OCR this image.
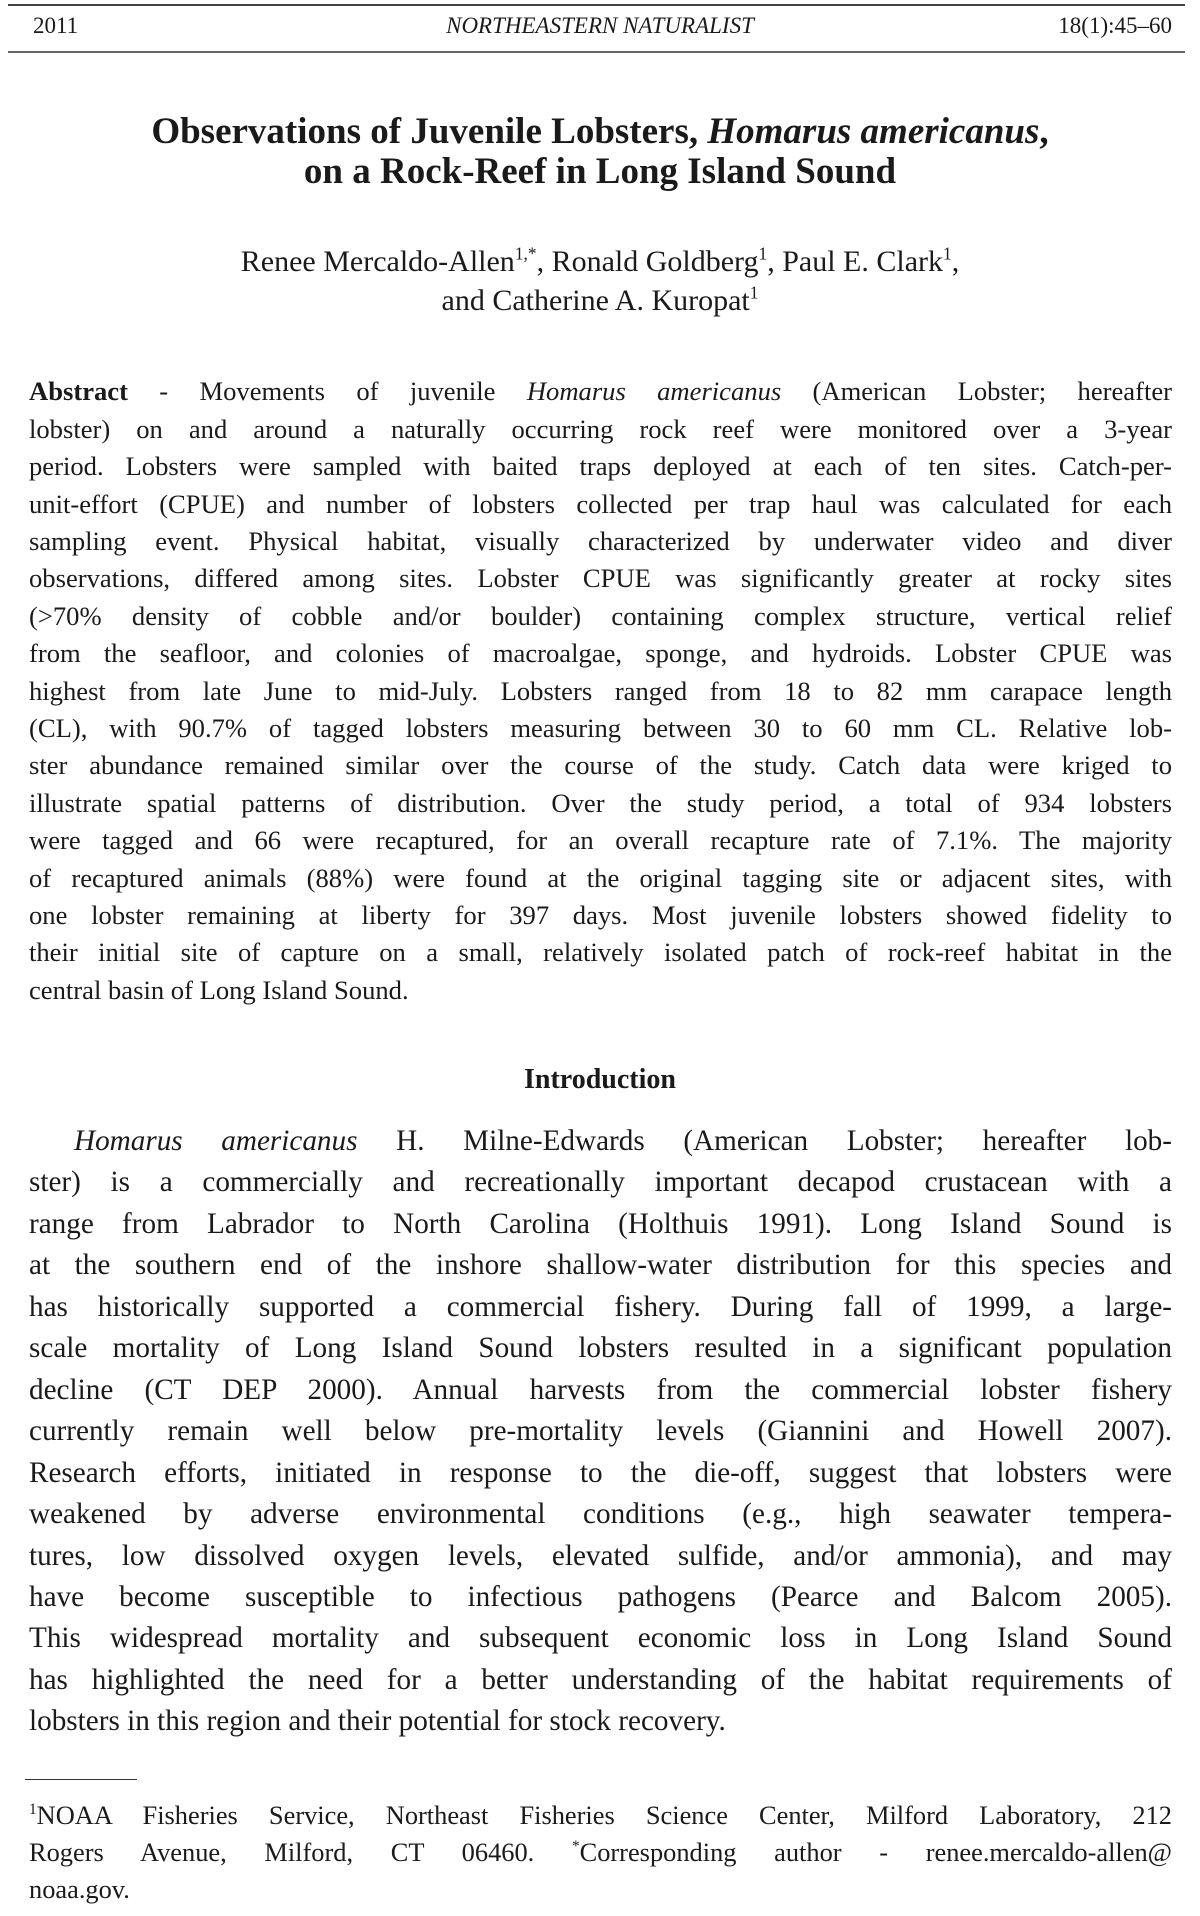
2011	NORTHEASTERN NATURALIST	18(1):45–60
Observations of Juvenile Lobsters, Homarus americanus,
on a Rock-Reef in Long Island Sound
Renee Mercaldo-Allen$^{1,*}$, Ronald Goldberg$^1$, Paul E. Clark$^1$,
and Catherine A. Kuropat$^1$
Abstract - Movements of juvenile Homarus americanus (American Lobster; hereafter
lobster) on and around a naturally occurring rock reef were monitored over a 3-year
period. Lobsters were sampled with baited traps deployed at each of ten sites. Catch-per-
unit-effort (CPUE) and number of lobsters collected per trap haul was calculated for each
sampling event. Physical habitat, visually characterized by underwater video and diver
observations, differed among sites. Lobster CPUE was significantly greater at rocky sites
(>70% density of cobble and/or boulder) containing complex structure, vertical relief
from the seafloor, and colonies of macroalgae, sponge, and hydroids. Lobster CPUE was
highest from late June to mid-July. Lobsters ranged from 18 to 82 mm carapace length
(CL), with 90.7% of tagged lobsters measuring between 30 to 60 mm CL. Relative lob-
ster abundance remained similar over the course of the study. Catch data were kriged to
illustrate spatial patterns of distribution. Over the study period, a total of 934 lobsters
were tagged and 66 were recaptured, for an overall recapture rate of 7.1%. The majority
of recaptured animals (88%) were found at the original tagging site or adjacent sites, with
one lobster remaining at liberty for 397 days. Most juvenile lobsters showed fidelity to
their initial site of capture on a small, relatively isolated patch of rock-reef habitat in the
central basin of Long Island Sound.
Introduction
Homarus americanus H. Milne-Edwards (American Lobster; hereafter lob-
ster) is a commercially and recreationally important decapod crustacean with a
range from Labrador to North Carolina (Holthuis 1991). Long Island Sound is
at the southern end of the inshore shallow-water distribution for this species and
has historically supported a commercial fishery. During fall of 1999, a large-
scale mortality of Long Island Sound lobsters resulted in a significant population
decline (CT DEP 2000). Annual harvests from the commercial lobster fishery
currently remain well below pre-mortality levels (Giannini and Howell 2007).
Research efforts, initiated in response to the die-off, suggest that lobsters were
weakened by adverse environmental conditions (e.g., high seawater tempera-
tures, low dissolved oxygen levels, elevated sulfide, and/or ammonia), and may
have become susceptible to infectious pathogens (Pearce and Balcom 2005).
This widespread mortality and subsequent economic loss in Long Island Sound
has highlighted the need for a better understanding of the habitat requirements of
lobsters in this region and their potential for stock recovery.
$^1$NOAA Fisheries Service, Northeast Fisheries Science Center, Milford Laboratory, 212
Rogers Avenue, Milford, CT 06460. *Corresponding author - renee.mercaldo-allen@
noaa.gov.
